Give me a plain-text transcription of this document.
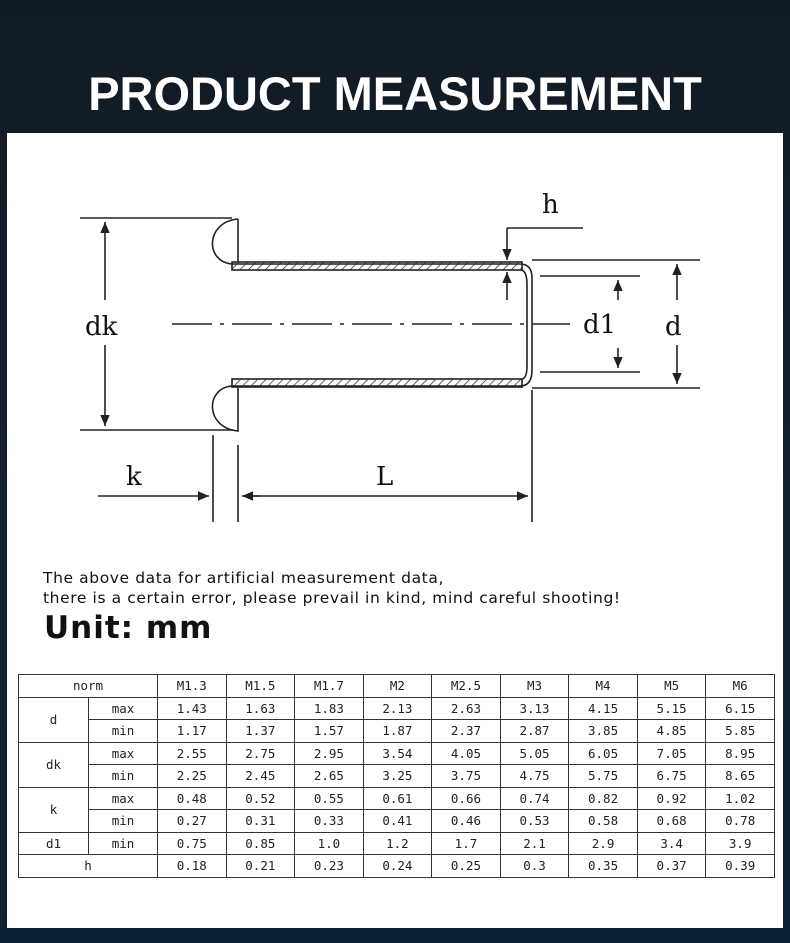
PRODUCT MEASUREMENT
dk	d1 d
h
k	L
The above data for artificial measurement data,
there is a certain error, please prevail in kind, mind careful shooting!
Unit: mm
norm		M1.3	M1.5	M1.7	M2	M2.5	M3	M4	M5	M6
d	max	1.43	1.63	1.83	2.13	2.63	3.13	4.15	5.15	6.15
	min	1.17	1.37	1.57	1.87	2.37	2.87	3.85	4.85	5.85
dk	max	2.55	2.75	2.95	3.54	4.05	5.05	6.05	7.05	8.95
	min	2.25	2.45	2.65	3.25	3.75	4.75	5.75	6.75	8.65
k	max	0.48	0.52	0.55	0.61	0.66	0.74	0.82	0.92	1.02
	min	0.27	0.31	0.33	0.41	0.46	0.53	0.58	0.68	0.78
d1	min	0.75	0.85	1.0	1.2	1.7	2.1	2.9	3.4	3.9
h		0.18	0.21	0.23	0.24	0.25	0.3	0.35	0.37	0.39
